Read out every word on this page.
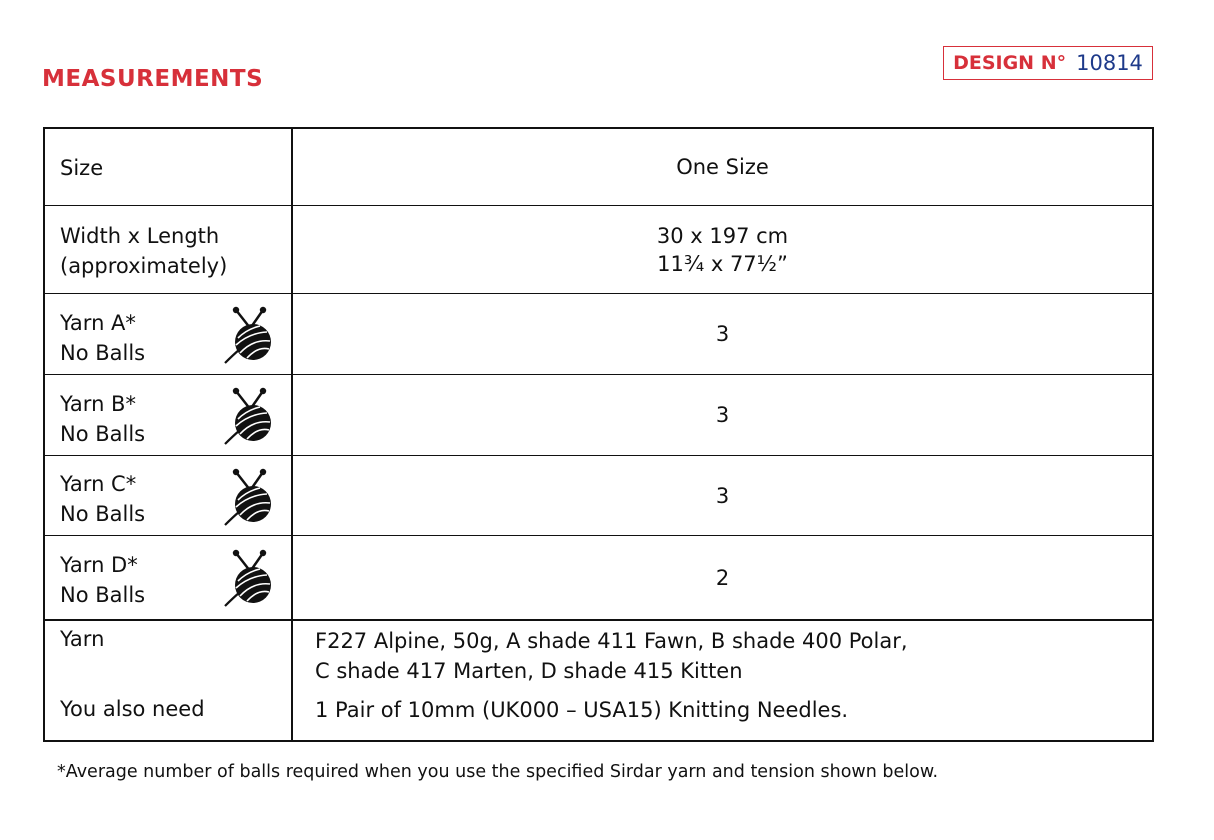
MEASUREMENTS
DESIGN N° 10814
Size	One Size
Width x Length
(approximately)
30 x 197 cm
11¾ x 77½”
Yarn A*
No Balls
3
Yarn B*
No Balls
3
Yarn C*
No Balls
3
Yarn D*
No Balls
2
Yarn
You also need
F227 Alpine, 50g, A shade 411 Fawn, B shade 400 Polar,
C shade 417 Marten, D shade 415 Kitten
1 Pair of 10mm (UK000 – USA15) Knitting Needles.
*Average number of balls required when you use the specified Sirdar yarn and tension shown below.
